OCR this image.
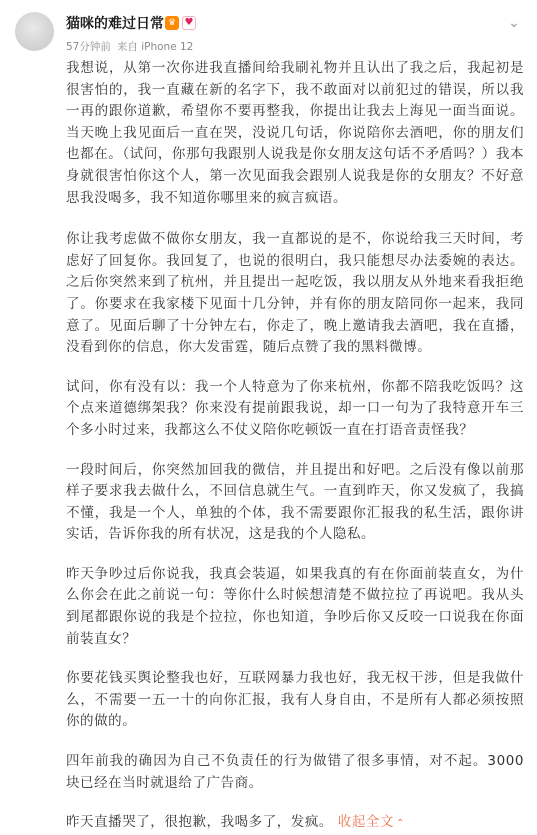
猫咪的难过日常 ♛ ♥
57分钟前 来自 iPhone 12
⌄

我想说，从第一次你进我直播间给我刷礼物并且认出了我之后，我起初是很害怕的，我一直藏在新的名字下，我不敢面对以前犯过的错误，所以我一再的跟你道歉，希望你不要再整我，你提出让我去上海见一面当面说。当天晚上我见面后一直在哭，没说几句话，你说陪你去酒吧，你的朋友们也都在。（试问，你那句我跟别人说我是你女朋友这句话不矛盾吗？）我本身就很害怕你这个人，第一次见面我会跟别人说我是你的女朋友？不好意思我没喝多，我不知道你哪里来的疯言疯语。

你让我考虑做不做你女朋友，我一直都说的是不，你说给我三天时间，考虑好了回复你。我回复了，也说的很明白，我只能想尽办法委婉的表达。之后你突然来到了杭州，并且提出一起吃饭，我以朋友从外地来看我拒绝了。你要求在我家楼下见面十几分钟，并有你的朋友陪同你一起来，我同意了。见面后聊了十分钟左右，你走了，晚上邀请我去酒吧，我在直播，没看到你的信息，你大发雷霆，随后点赞了我的黑料微博。

试问，你有没有以：我一个人特意为了你来杭州，你都不陪我吃饭吗？这个点来道德绑架我？你来没有提前跟我说，却一口一句为了我特意开车三个多小时过来，我都这么不仗义陪你吃顿饭一直在打语音责怪我？

一段时间后，你突然加回我的微信，并且提出和好吧。之后没有像以前那样子要求我去做什么，不回信息就生气。一直到昨天，你又发疯了，我搞不懂，我是一个人，单独的个体，我不需要跟你汇报我的私生活，跟你讲实话，告诉你我的所有状况，这是我的个人隐私。

昨天争吵过后你说我，我真会装逼，如果我真的有在你面前装直女，为什么你会在此之前说一句：等你什么时候想清楚不做拉拉了再说吧。我从头到尾都跟你说的我是个拉拉，你也知道，争吵后你又反咬一口说我在你面前装直女？

你要花钱买舆论整我也好，互联网暴力我也好，我无权干涉，但是我做什么，不需要一五一十的向你汇报，我有人身自由，不是所有人都必须按照你的做的。

四年前我的确因为自己不负责任的行为做错了很多事情，对不起。3000块已经在当时就退给了广告商。

昨天直播哭了，很抱歉，我喝多了，发疯。 收起全文 ⌃
